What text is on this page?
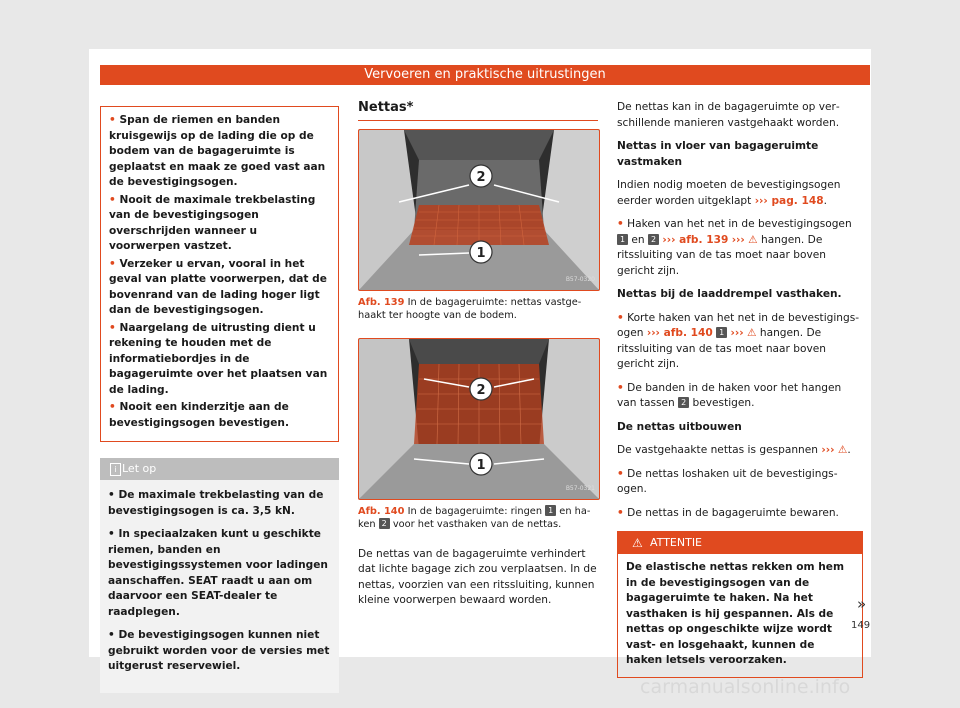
Vervoeren en praktische uitrustingen

• Span de riemen en banden kruisgewijs op de lading die op de bodem van de bagageruimte is geplaatst en maak ze goed vast aan de bevestigingsogen.

• Nooit de maximale trekbelasting van de bevestigingsogen overschrijden wanneer u voorwerpen vastzet.

• Verzeker u ervan, vooral in het geval van platte voorwerpen, dat de bovenrand van de lading hoger ligt dan de bevestigingsogen.

• Naargelang de uitrusting dient u rekening te houden met de informatiebordjes in de bagageruimte over het plaatsen van de lading.

• Nooit een kinderzitje aan de bevestigingsogen bevestigen.

i Let op

• De maximale trekbelasting van de bevestigingsogen is ca. 3,5 kN.

• In speciaalzaken kunt u geschikte riemen, banden en bevestigingssystemen voor ladingen aanschaffen. SEAT raadt u aan om daarvoor een SEAT-dealer te raadplegen.

• De bevestigingsogen kunnen niet gebruikt worden voor de versies met uitgerust reservewiel.

Nettas*
2
1
B57-0320
Afb. 139 In de bagageruimte: nettas vastgehaakt ter hoogte van de bodem.
2
1
B57-0321
Afb. 140 In de bagageruimte: ringen 1 en haken 2 voor het vasthaken van de nettas.

De nettas van de bagageruimte verhindert dat lichte bagage zich zou verplaatsen. In de nettas, voorzien van een ritssluiting, kunnen kleine voorwerpen bewaard worden.

De nettas kan in de bagageruimte op verschillende manieren vastgehaakt worden.

Nettas in vloer van bagageruimte vastmaken

Indien nodig moeten de bevestigingsogen eerder worden uitgeklapt ››› pag. 148.

• Haken van het net in de bevestigingsogen 1 en 2 ››› afb. 139 ››› ⚠ hangen. De ritssluiting van de tas moet naar boven gericht zijn.

Nettas bij de laaddrempel vasthaken.

• Korte haken van het net in de bevestigingsogen ››› afb. 140 1 ››› ⚠ hangen. De ritssluiting van de tas moet naar boven gericht zijn.

• De banden in de haken voor het hangen van tassen 2 bevestigen.

De nettas uitbouwen

De vastgehaakte nettas is gespannen ››› ⚠.

• De nettas loshaken uit de bevestigingsogen.

• De nettas in de bagageruimte bewaren.

⚠ ATTENTIE
De elastische nettas rekken om hem in de bevestigingsogen van de bagageruimte te haken. Na het vasthaken is hij gespannen. Als de nettas op ongeschikte wijze wordt vast- en losgehaakt, kunnen de haken letsels veroorzaken.
»
149
carmanualsonline.info
